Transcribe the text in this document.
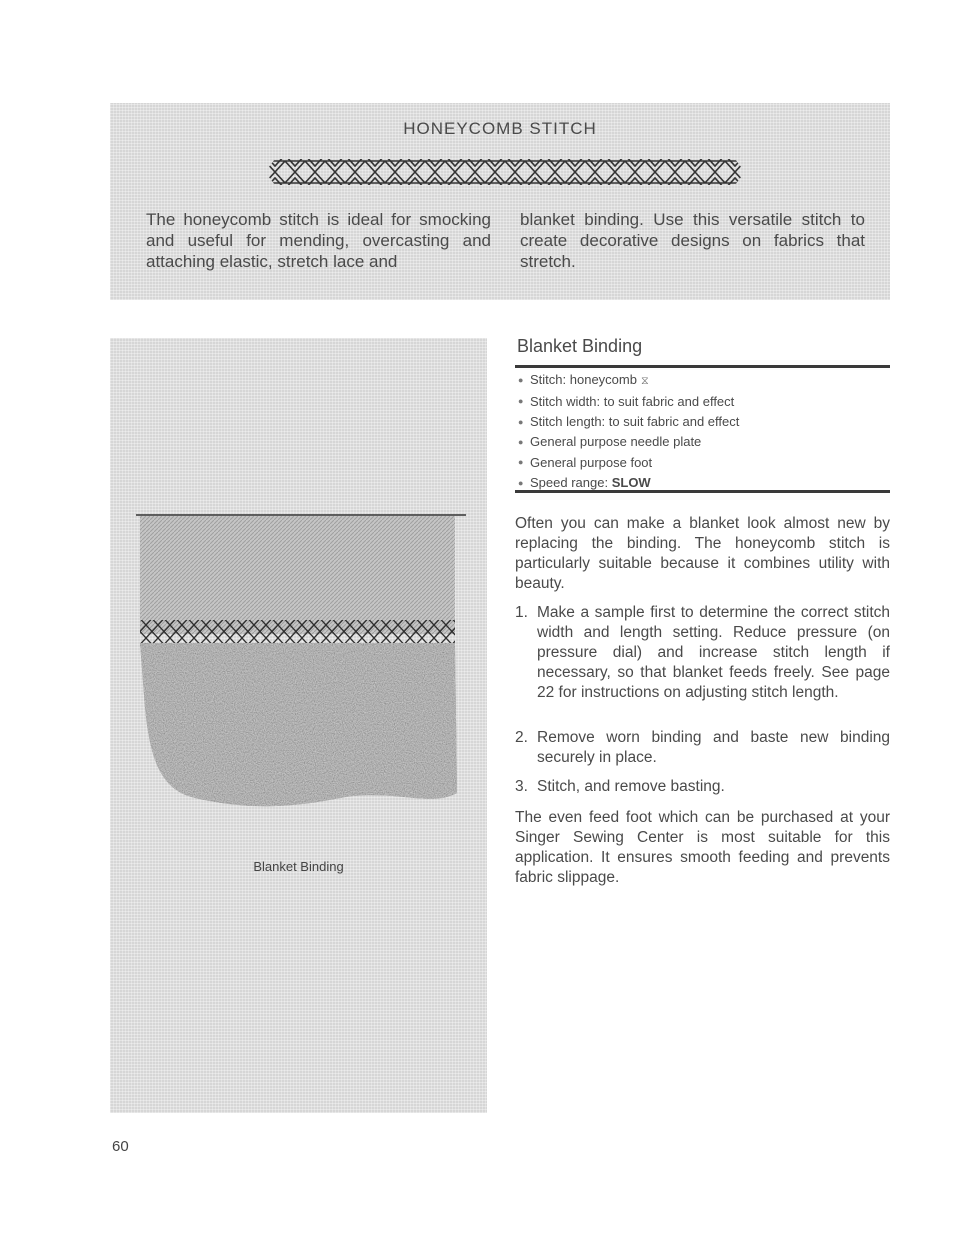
HONEYCOMB STITCH
The honeycomb stitch is ideal for smocking and useful for mending, overcasting and attaching elastic, stretch lace and
blanket binding. Use this versatile stitch to create decorative designs on fabrics that stretch.
Blanket Binding
Blanket Binding
● Stitch: honeycomb ⧖
● Stitch width: to suit fabric and effect
● Stitch length: to suit fabric and effect
● General purpose needle plate
● General purpose foot
● Speed range: SLOW

Often you can make a blanket look almost new by replacing the binding. The honeycomb stitch is particularly suitable because it combines utility with beauty.

1. Make a sample first to determine the correct stitch width and length setting. Reduce pressure (on pressure dial) and increase stitch length if necessary, so that blanket feeds freely. See page 22 for instructions on adjusting stitch length.
2. Remove worn binding and baste new binding securely in place.
3. Stitch, and remove basting.

The even feed foot which can be purchased at your Singer Sewing Center is most suitable for this application. It ensures smooth feeding and prevents fabric slippage.

60
